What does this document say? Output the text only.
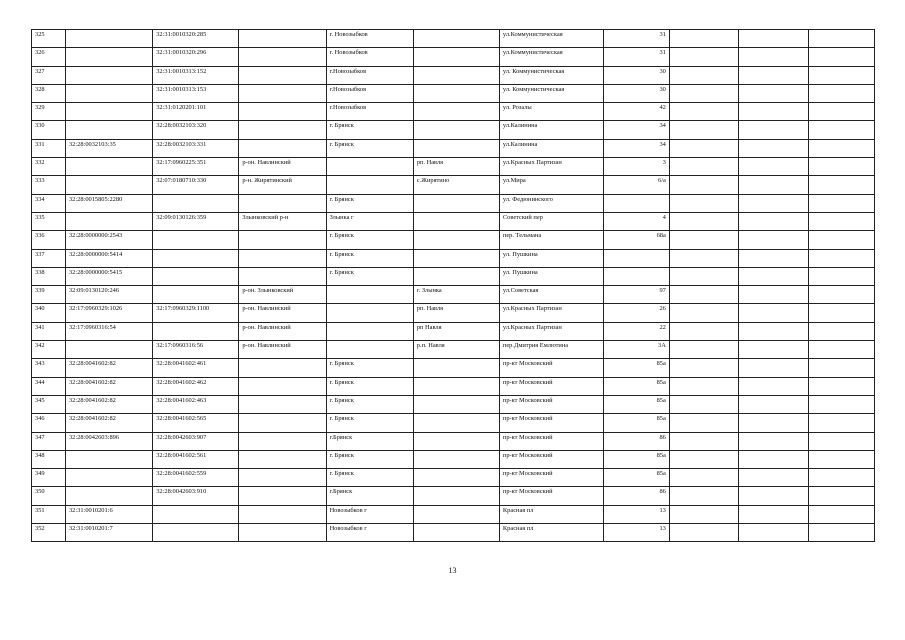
325		32:31:0010320:285		г. Новозыбков		ул.Коммунистическая	31			
326		32:31:0010320:296		г. Новозыбков		ул.Коммунистическая	31			
327		32:31:0010313:152		г.Новозыбков		ул. Коммунистическая	30			
328		32:31:0010313:153		г.Новозыбков		ул. Коммунистическая	30			
329		32:31:0120201:101		г.Новозыбков		ул. Розалы	42			
330		32:28:0032103:320		г. Брянск		ул.Калинина	34			
331	32:28:0032103:35	32:28:0032103:331		г. Брянск		ул.Калинина	34			
332		32:17:0960225:351	р-он. Навлинский		рп. Навля	ул.Красных Партизан	3			
333		32:07:0180710:330	р-н. Жирятинский		с.Жирятино	ул.Мира	6/а			
334	32:28:0015805:2280			г. Брянск		ул. Федюнинского				
335		32:09:0130126:359	Злынковский р-н	Злынка г		Советский пер	4			
336	32:28:0000000:2543			г. Брянск		пер. Тельмана	68а			
337	32:28:0000000:5414			г. Брянск		ул. Пушкина				
338	32:28:0000000:5415			г. Брянск		ул. Пушкина				
339	32:09:0130120:246		р-он. Злынковский		г. Злынка	ул.Советская	97			
340	32:17:0960329:1026	32:17:0960329:1100	р-он. Навлинский		рп. Навля	ул.Красных Партизан	26			
341	32:17:0960316:54		р-он. Навлинский		рп Навля	ул.Красных Партизан	22			
342		32:17:0960316:56	р-он. Навлинский		р.п. Навля	пер.Дмитрия Емлютина	3А			
343	32:28:0041602:82	32:28:0041602:461		г. Брянск		пр-кт Московский	85а			
344	32:28:0041602:82	32:28:0041602:462		г. Брянск		пр-кт Московский	85а			
345	32:28:0041602:82	32:28:0041602:463		г. Брянск		пр-кт Московский	85а			
346	32:28:0041602:82	32:28:0041602:565		г. Брянск		пр-кт Московский	85а			
347	32:28:0042603:896	32:28:0042603:907		г.Брянск		пр-кт Московский	86			
348		32:28:0041602:561		г. Брянск		пр-кт Московский	85а			
349		32:28:0041602:559		г. Брянск		пр-кт Московский	85а			
350		32:28:0042603:910		г.Брянск		пр-кт Московский	86			
351	32:31:0010201:6			Новозыбков г		Красная пл	13			
352	32:31:0010201:7			Новозыбков г		Красная пл	13			
13
